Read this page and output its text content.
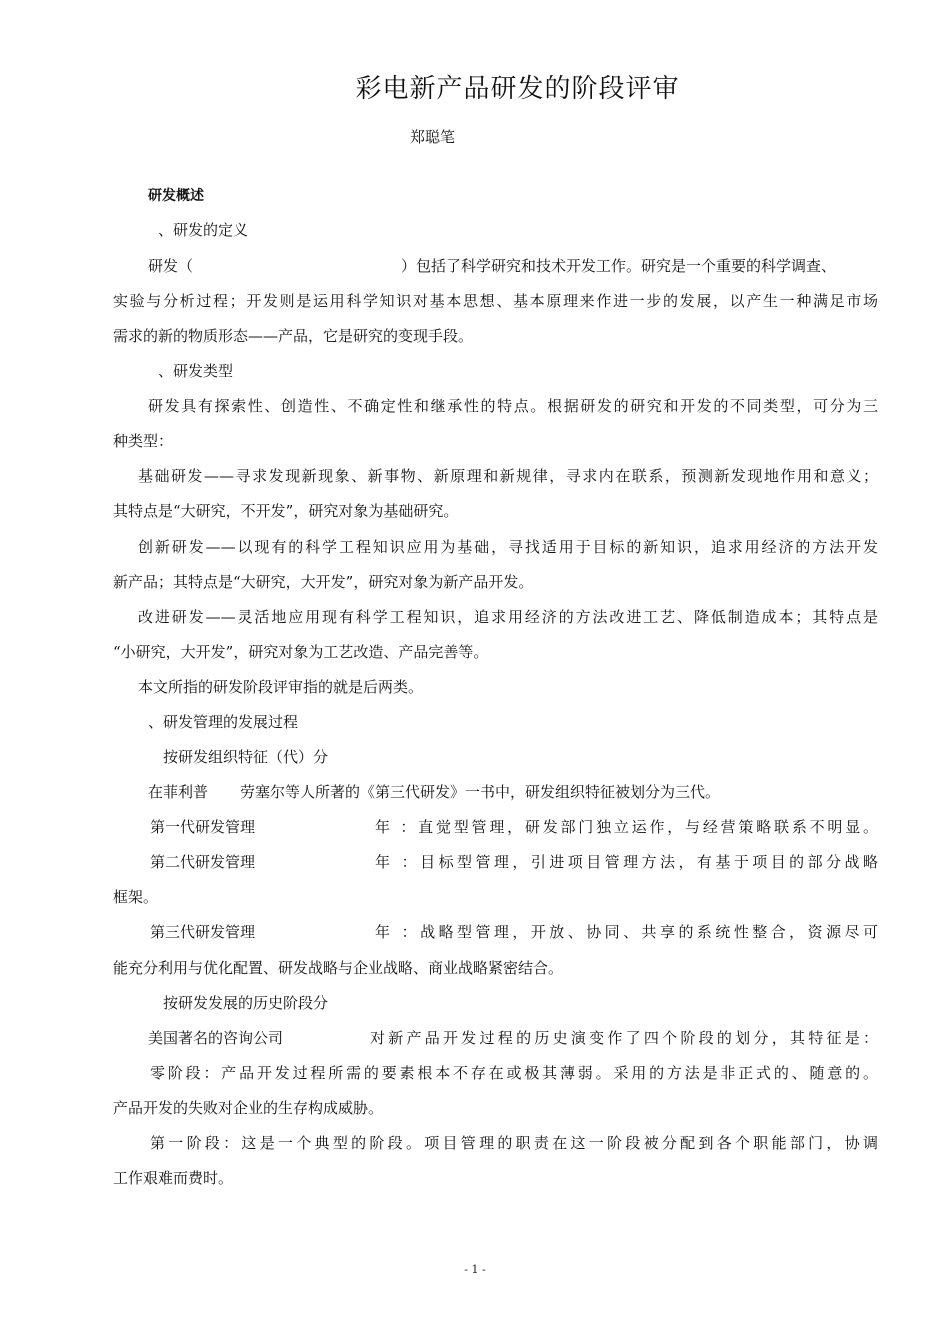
彩电新产品研发的阶段评审
郑聪笔
研发概述
、研发的定义
研发（	）包括了科学研究和技术开发工作。研究是一个重要的科学调查、
实验与分析过程；开发则是运用科学知识对基本思想、基本原理来作进一步的发展，以产生一种满足市场
需求的新的物质形态——产品，它是研究的变现手段。
、研发类型
研发具有探索性、创造性、不确定性和继承性的特点。根据研发的研究和开发的不同类型，可分为三
种类型：
基础研发——寻求发现新现象、新事物、新原理和新规律，寻求内在联系，预测新发现地作用和意义；
其特点是“大研究，不开发”，研究对象为基础研究。
创新研发——以现有的科学工程知识应用为基础，寻找适用于目标的新知识，追求用经济的方法开发
新产品；其特点是“大研究，大开发”，研究对象为新产品开发。
改进研发——灵活地应用现有科学工程知识，追求用经济的方法改进工艺、降低制造成本；其特点是
“小研究，大开发”，研究对象为工艺改造、产品完善等。
本文所指的研发阶段评审指的就是后两类。
、研发管理的发展过程
按研发组织特征（代）分
在菲利普 劳塞尔等人所著的《第三代研发》一书中，研发组织特征被划分为三代。
第一代研发管理	年 ：直觉型管理，研发部门独立运作，与经营策略联系不明显。
第二代研发管理	年 ：目标型管理，引进项目管理方法，有基于项目的部分战略
框架。
第三代研发管理	年 ：战略型管理，开放、协同、共享的系统性整合，资源尽可
能充分利用与优化配置、研发战略与企业战略、商业战略紧密结合。
按研发发展的历史阶段分
美国著名的咨询公司	对新产品开发过程的历史演变作了四个阶段的划分，其特征是：
零阶段：产品开发过程所需的要素根本不存在或极其薄弱。采用的方法是非正式的、随意的。
产品开发的失败对企业的生存构成威胁。
第一阶段：这是一个典型的阶段。项目管理的职责在这一阶段被分配到各个职能部门，协调
工作艰难而费时。
- 1 -
